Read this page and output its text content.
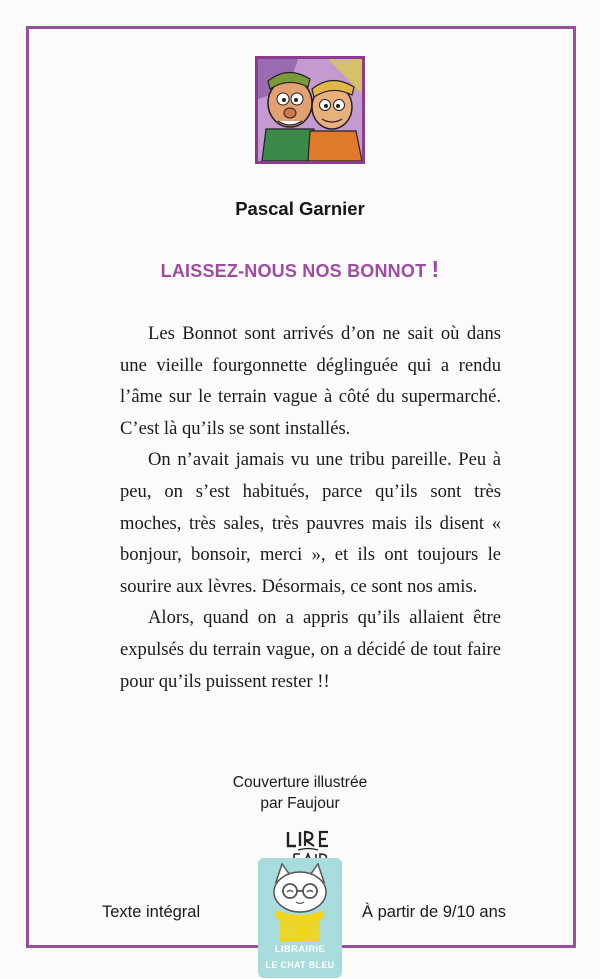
Pascal Garnier
LAISSEZ-NOUS NOS BONNOT !

Les Bonnot sont arrivés d’on ne sait où dans une vieille fourgonnette déglinguée qui a rendu l’âme sur le terrain vague à côté du supermarché. C’est là qu’ils se sont installés.

On n’avait jamais vu une tribu pareille. Peu à peu, on s’est habitués, parce qu’ils sont très moches, très sales, très pauvres mais ils disent « bonjour, bonsoir, merci », et ils ont toujours le sourire aux lèvres. Désormais, ce sont nos amis.

Alors, quand on a appris qu’ils allaient être expulsés du terrain vague, on a décidé de tout faire pour qu’ils puissent rester !!

Couverture illustrée
par Faujour
Texte intégral	À partir de 9/10 ans
LIBRAIRIE
LE CHAT BLEU
